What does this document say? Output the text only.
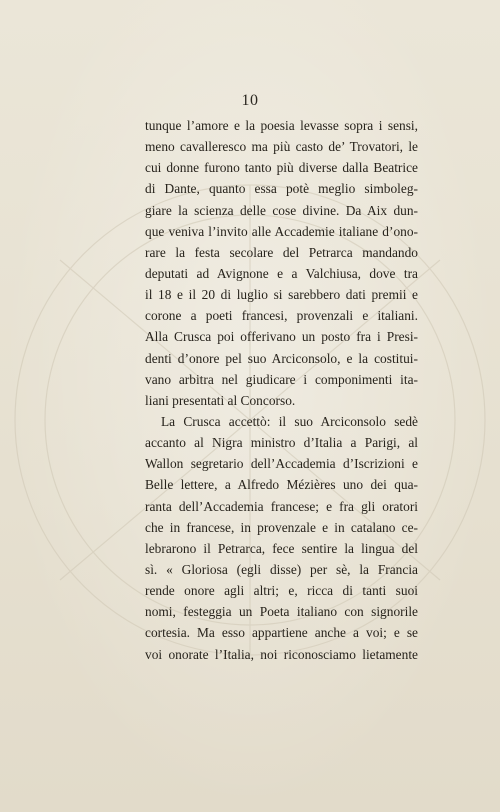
10
tunque l’amore e la poesia levasse sopra i sensi,
meno cavalleresco ma più casto de’ Trovatori, le
cui donne furono tanto più diverse dalla Beatrice
di Dante, quanto essa potè meglio simboleg-
giare la scienza delle cose divine. Da Aix dun-
que veniva l’invito alle Accademie italiane d’ono-
rare la festa secolare del Petrarca mandando
deputati ad Avignone e a Valchiusa, dove tra
il 18 e il 20 di luglio si sarebbero dati premii e
corone a poeti francesi, provenzali e italiani.
Alla Crusca poi offerivano un posto fra i Presi-
denti d’onore pel suo Arciconsolo, e la costitui-
vano arbitra nel giudicare i componimenti ita-
liani presentati al Concorso.
La Crusca accettò: il suo Arciconsolo sedè
accanto al Nigra ministro d’Italia a Parigi, al
Wallon segretario dell’Accademia d’Iscrizioni e
Belle lettere, a Alfredo Mézières uno dei qua-
ranta dell’Accademia francese; e fra gli oratori
che in francese, in provenzale e in catalano ce-
lebrarono il Petrarca, fece sentire la lingua del
sì. « Gloriosa (egli disse) per sè, la Francia
rende onore agli altri; e, ricca di tanti suoi
nomi, festeggia un Poeta italiano con signorile
cortesia. Ma esso appartiene anche a voi; e se
voi onorate l’Italia, noi riconosciamo lietamente
